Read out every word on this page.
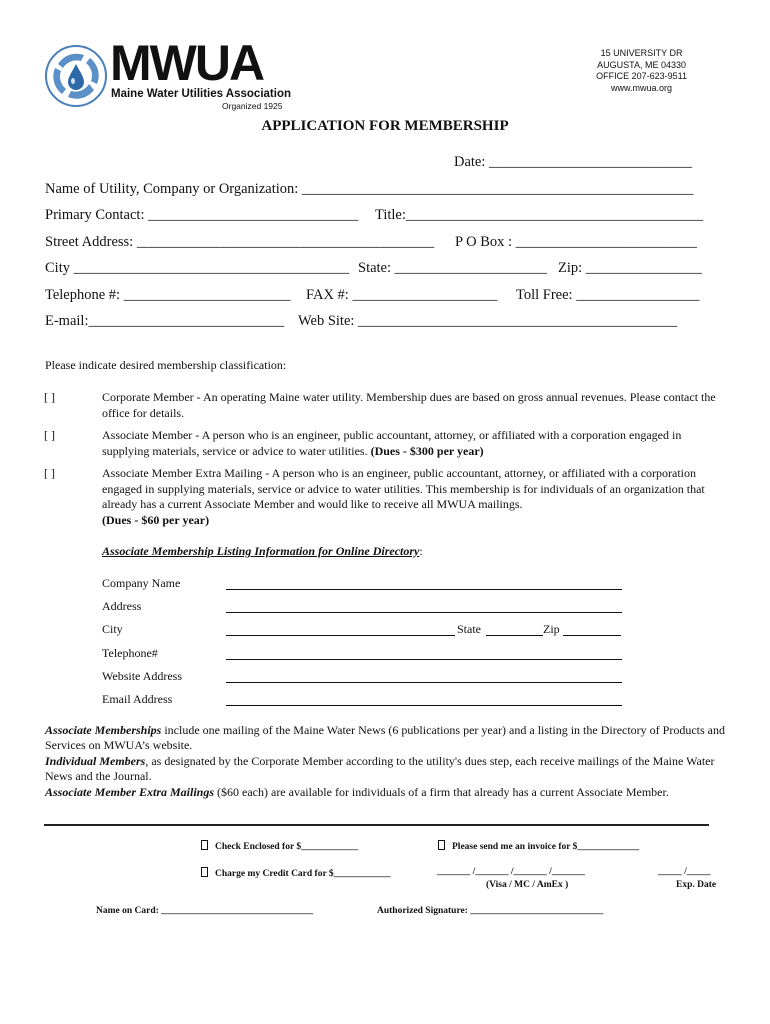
MWUA
Maine Water Utilities Association
Organized 1925
15 UNIVERSITY DR
AUGUSTA, ME 04330
OFFICE 207-623-9511
www.mwua.org
APPLICATION FOR MEMBERSHIP
Date: ____________________________
Name of Utility, Company or Organization: ______________________________________________________
Primary Contact: _____________________________ Title:_________________________________________
Street Address: _________________________________________ P O Box : _________________________
City ______________________________________ State: _____________________ Zip: ________________
Telephone #: _______________________ FAX #: ____________________ Toll Free: _________________
E-mail:___________________________ Web Site: ____________________________________________
Please indicate desired membership classification:
[ ]	Corporate Member - An operating Maine water utility. Membership dues are based on gross annual revenues. Please contact the office for details.
[ ]	Associate Member - A person who is an engineer, public accountant, attorney, or affiliated with a corporation engaged in supplying materials, service or advice to water utilities. (Dues - $300 per year)
[ ]	Associate Member Extra Mailing - A person who is an engineer, public accountant, attorney, or affiliated with a corporation engaged in supplying materials, service or advice to water utilities. This membership is for individuals of an organization that already has a current Associate Member and would like to receive all MWUA mailings.
(Dues - $60 per year)
Associate Membership Listing Information for Online Directory:
Company Name
Address
City	State	Zip
Telephone#
Website Address
Email Address
Associate Memberships include one mailing of the Maine Water News (6 publications per year) and a listing in the Directory of Products and Services on MWUA’s website.
Individual Members, as designated by the Corporate Member according to the utility's dues step, each receive mailings of the Maine Water News and the Journal.
Associate Member Extra Mailings ($60 each) are available for individuals of a firm that already has a current Associate Member.
Check Enclosed for $____________	Please send me an invoice for $_____________
Charge my Credit Card for $____________	_______ /_______ /_______ /_______
(Visa / MC / AmEx )
_____ /_____
Exp. Date
Name on Card: ________________________________	Authorized Signature: ____________________________
